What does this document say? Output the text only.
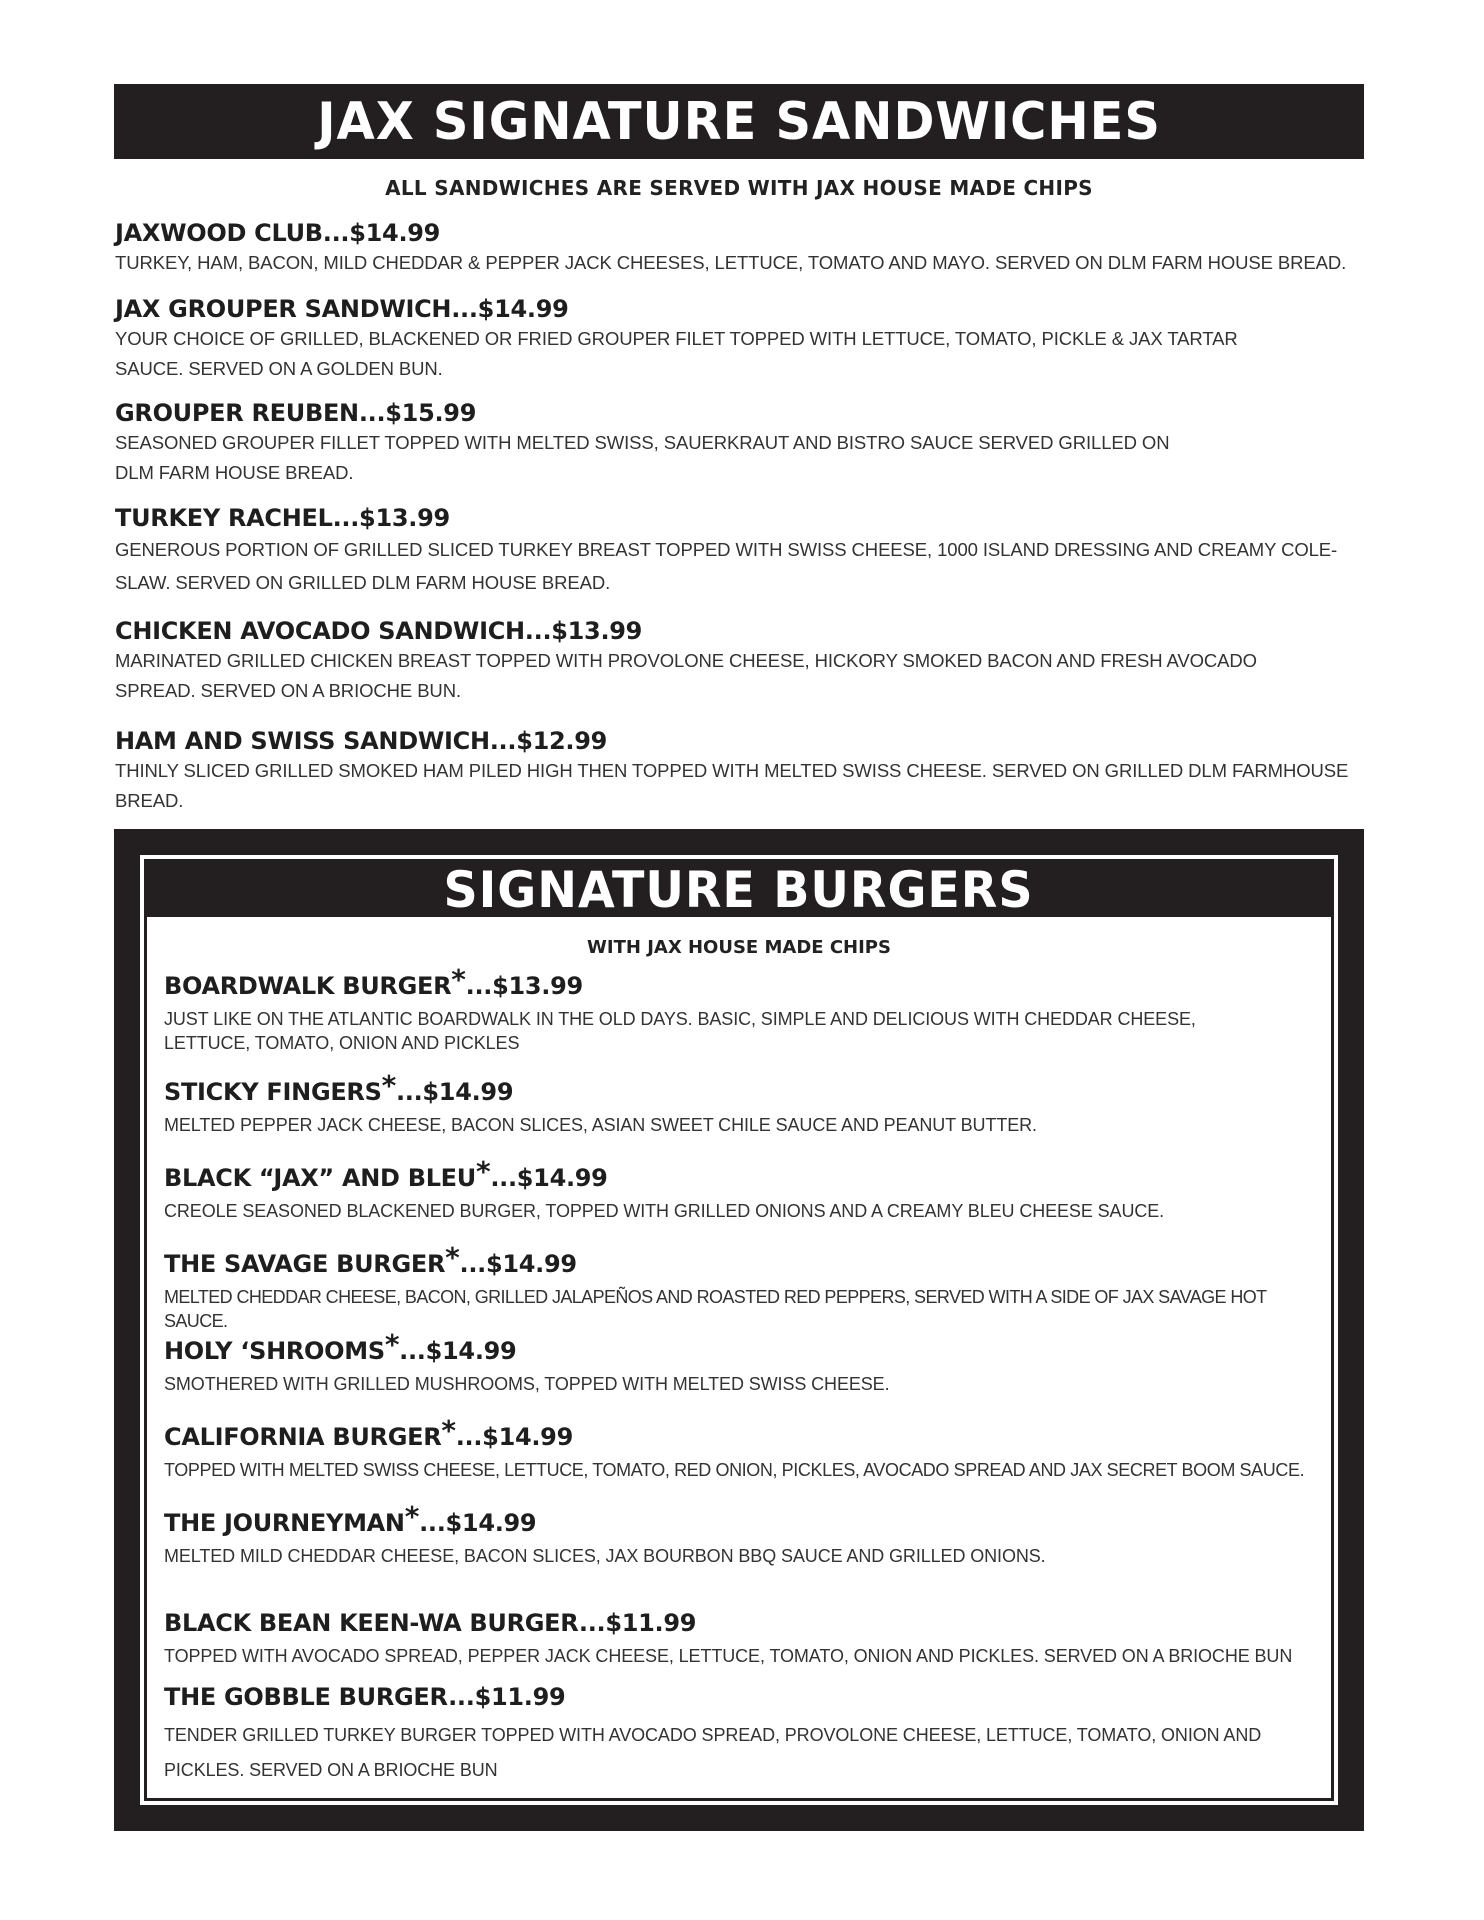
JAX SIGNATURE SANDWICHES
ALL SANDWICHES ARE SERVED WITH JAX HOUSE MADE CHIPS
JAXWOOD CLUB...$14.99
TURKEY, HAM, BACON, MILD CHEDDAR & PEPPER JACK CHEESES, LETTUCE, TOMATO AND MAYO. SERVED ON DLM FARM HOUSE BREAD.
JAX GROUPER SANDWICH...$14.99
YOUR CHOICE OF GRILLED, BLACKENED OR FRIED GROUPER FILET TOPPED WITH LETTUCE, TOMATO, PICKLE & JAX TARTAR SAUCE. SERVED ON A GOLDEN BUN.
GROUPER REUBEN...$15.99
SEASONED GROUPER FILLET TOPPED WITH MELTED SWISS, SAUERKRAUT AND BISTRO SAUCE SERVED GRILLED ON DLM FARM HOUSE BREAD.
TURKEY RACHEL...$13.99
GENEROUS PORTION OF GRILLED SLICED TURKEY BREAST TOPPED WITH SWISS CHEESE, 1000 ISLAND DRESSING AND CREAMY COLE-SLAW. SERVED ON GRILLED DLM FARM HOUSE BREAD.
CHICKEN AVOCADO SANDWICH...$13.99
MARINATED GRILLED CHICKEN BREAST TOPPED WITH PROVOLONE CHEESE, HICKORY SMOKED BACON AND FRESH AVOCADO SPREAD. SERVED ON A BRIOCHE BUN.
HAM AND SWISS SANDWICH...$12.99
THINLY SLICED GRILLED SMOKED HAM PILED HIGH THEN TOPPED WITH MELTED SWISS CHEESE. SERVED ON GRILLED DLM FARMHOUSE BREAD.
SIGNATURE BURGERS
WITH JAX HOUSE MADE CHIPS
BOARDWALK BURGER*...$13.99
JUST LIKE ON THE ATLANTIC BOARDWALK IN THE OLD DAYS. BASIC, SIMPLE AND DELICIOUS WITH CHEDDAR CHEESE, LETTUCE, TOMATO, ONION AND PICKLES
STICKY FINGERS*...$14.99
MELTED PEPPER JACK CHEESE, BACON SLICES, ASIAN SWEET CHILE SAUCE AND PEANUT BUTTER.
BLACK “JAX” AND BLEU*...$14.99
CREOLE SEASONED BLACKENED BURGER, TOPPED WITH GRILLED ONIONS AND A CREAMY BLEU CHEESE SAUCE.
THE SAVAGE BURGER*...$14.99
MELTED CHEDDAR CHEESE, BACON, GRILLED JALAPEÑOS AND ROASTED RED PEPPERS, SERVED WITH A SIDE OF JAX SAVAGE HOT SAUCE.
HOLY ‘SHROOMS*...$14.99
SMOTHERED WITH GRILLED MUSHROOMS, TOPPED WITH MELTED SWISS CHEESE.
CALIFORNIA BURGER*...$14.99
TOPPED WITH MELTED SWISS CHEESE, LETTUCE, TOMATO, RED ONION, PICKLES, AVOCADO SPREAD AND JAX SECRET BOOM SAUCE.
THE JOURNEYMAN*...$14.99
MELTED MILD CHEDDAR CHEESE, BACON SLICES, JAX BOURBON BBQ SAUCE AND GRILLED ONIONS.
BLACK BEAN KEEN-WA BURGER...$11.99
TOPPED WITH AVOCADO SPREAD, PEPPER JACK CHEESE, LETTUCE, TOMATO, ONION AND PICKLES. SERVED ON A BRIOCHE BUN
THE GOBBLE BURGER...$11.99
TENDER GRILLED TURKEY BURGER TOPPED WITH AVOCADO SPREAD, PROVOLONE CHEESE, LETTUCE, TOMATO, ONION AND PICKLES. SERVED ON A BRIOCHE BUN
